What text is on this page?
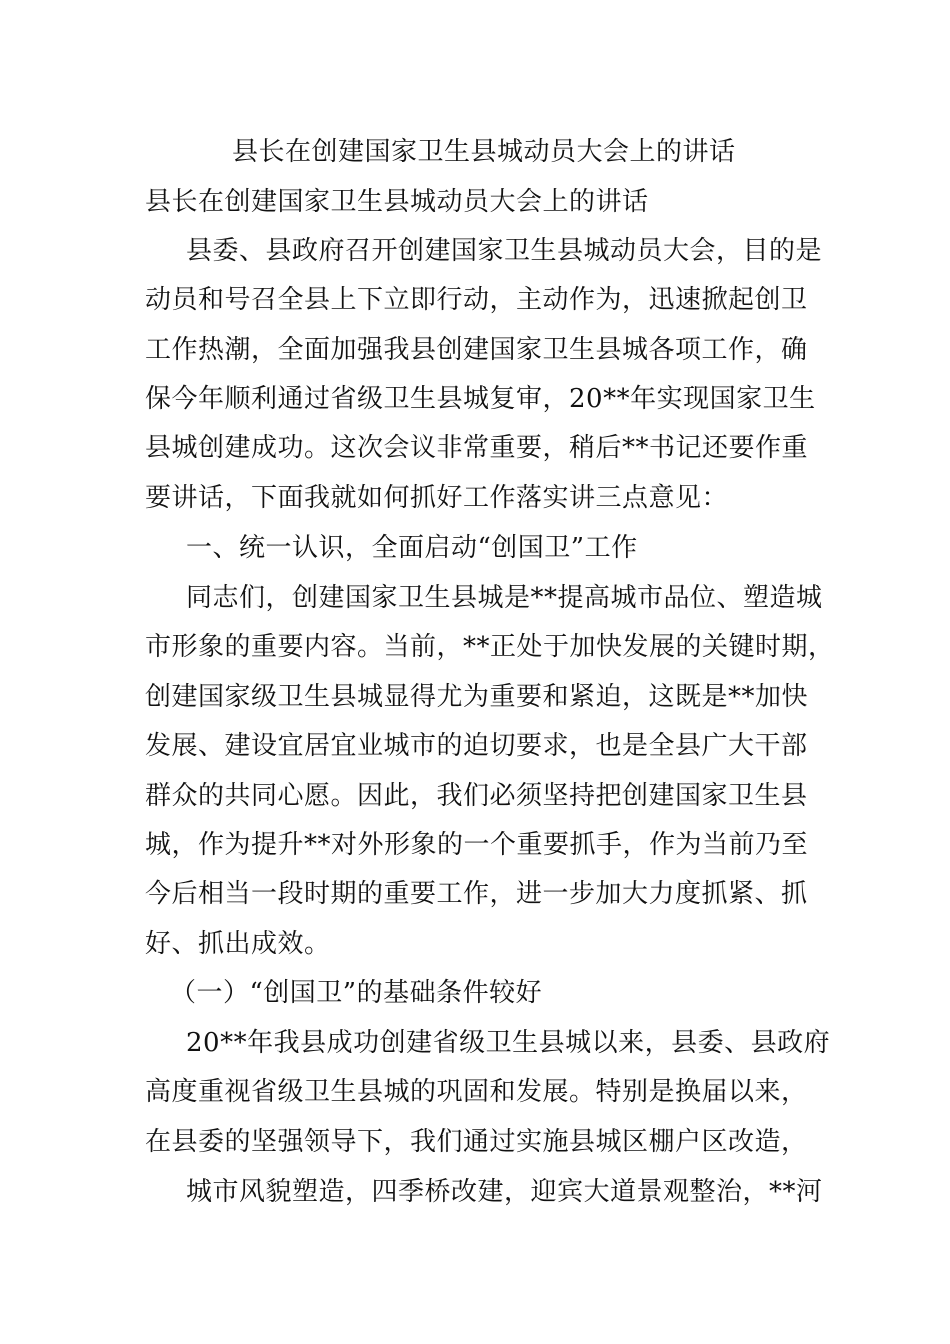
县长在创建国家卫生县城动员大会上的讲话
县长在创建国家卫生县城动员大会上的讲话
县委、县政府召开创建国家卫生县城动员大会，目的是
动员和号召全县上下立即行动，主动作为，迅速掀起创卫
工作热潮，全面加强我县创建国家卫生县城各项工作，确
保今年顺利通过省级卫生县城复审，20**年实现国家卫生
县城创建成功。这次会议非常重要，稍后**书记还要作重
要讲话，下面我就如何抓好工作落实讲三点意见：
一、统一认识，全面启动“创国卫”工作
同志们，创建国家卫生县城是**提高城市品位、塑造城
市形象的重要内容。当前，**正处于加快发展的关键时期，
创建国家级卫生县城显得尤为重要和紧迫，这既是**加快
发展、建设宜居宜业城市的迫切要求，也是全县广大干部
群众的共同心愿。因此，我们必须坚持把创建国家卫生县
城，作为提升**对外形象的一个重要抓手，作为当前乃至
今后相当一段时期的重要工作，进一步加大力度抓紧、抓
好、抓出成效。
（一）“创国卫”的基础条件较好
20**年我县成功创建省级卫生县城以来，县委、县政府
高度重视省级卫生县城的巩固和发展。特别是换届以来，
在县委的坚强领导下，我们通过实施县城区棚户区改造，
城市风貌塑造，四季桥改建，迎宾大道景观整治，**河
